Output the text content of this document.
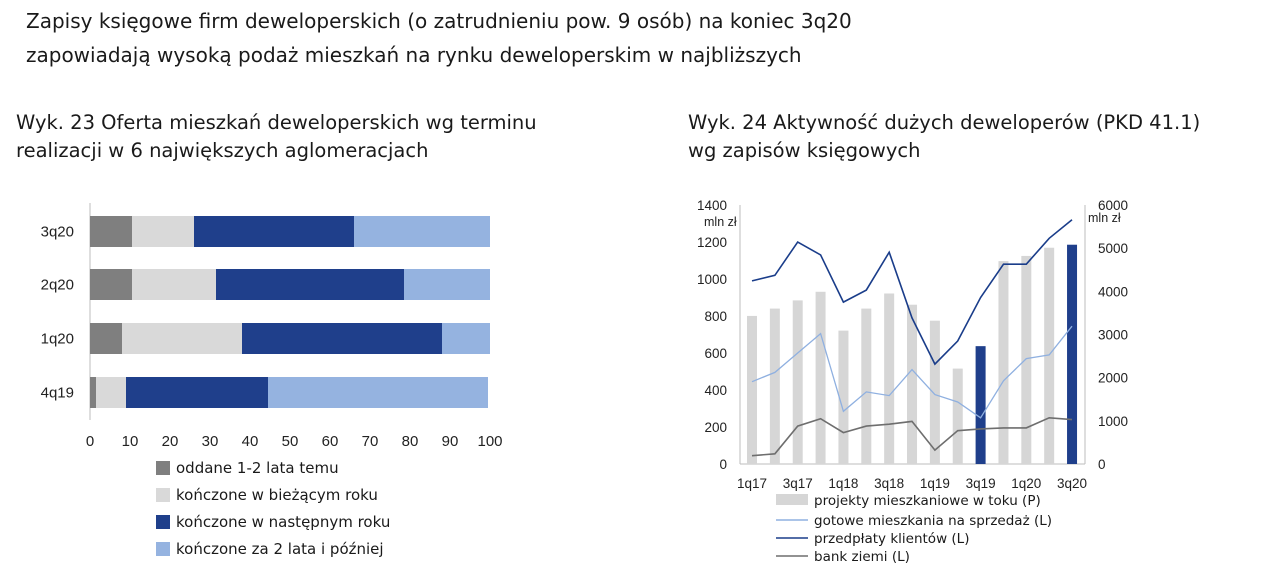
Zapisy księgowe firm deweloperskich (o zatrudnieniu pow. 9 osób) na koniec 3q20
zapowiadają wysoką podaż mieszkań na rynku deweloperskim w najbliższych
Wyk. 23 Oferta mieszkań deweloperskich wg terminu
realizacji w 6 największych aglomeracjach
Wyk. 24 Aktywność dużych deweloperów (PKD 41.1)
wg zapisów księgowych
3q20
2q20
1q20
4q19
0 10 20 30 40 50 60 70 80 90 100
oddane 1-2 lata temu
kończone w bieżącym roku
kończone w następnym roku
kończone za 2 lata i później
0
200
400
600
800
1000
1200
1400
0
1000
2000
3000
4000
5000
6000
mln zł	mln zł
1q17 3q17 1q18 3q18 1q19 3q19 1q20 3q20
projekty mieszkaniowe w toku (P)
gotowe mieszkania na sprzedaż (L)
przedpłaty klientów (L)
bank ziemi (L)
